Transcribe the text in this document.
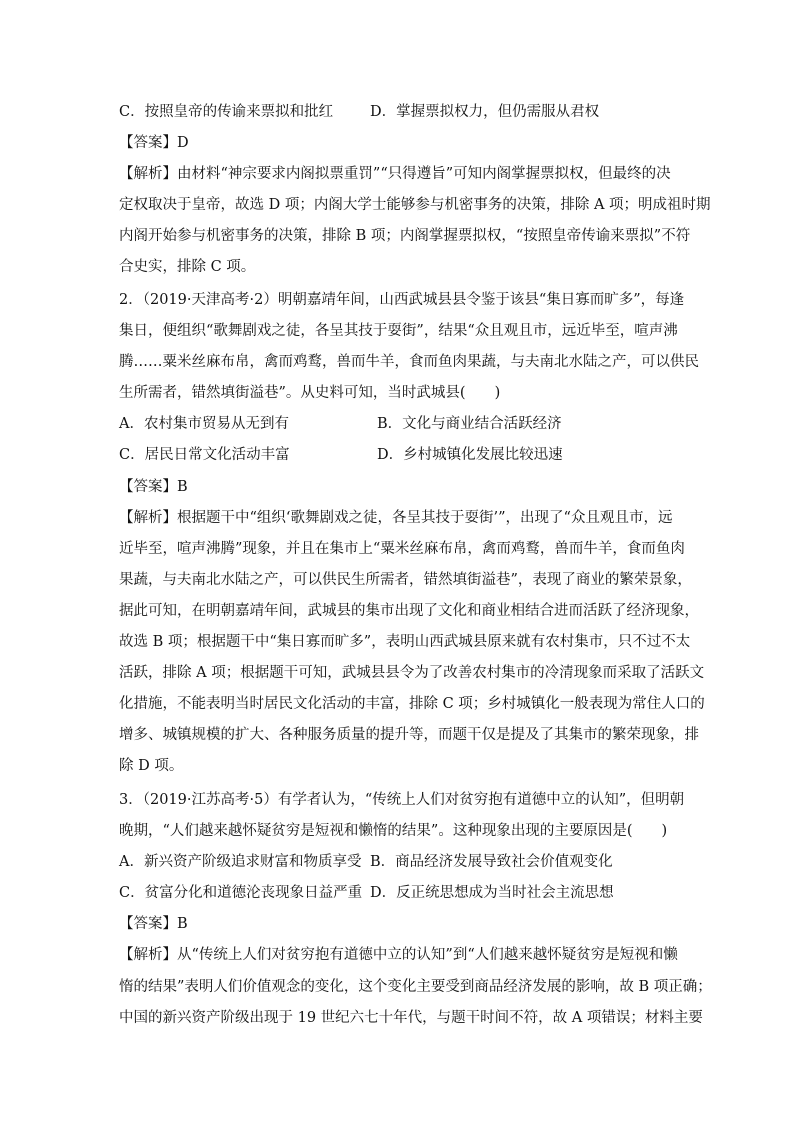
C．按照皇帝的传谕来票拟和批红	D．掌握票拟权力，但仍需服从君权
【答案】D
【解析】由材料“神宗要求内阁拟票重罚”“只得遵旨”可知内阁掌握票拟权，但最终的决
定权取决于皇帝，故选 D 项；内阁大学士能够参与机密事务的决策，排除 A 项；明成祖时期
内阁开始参与机密事务的决策，排除 B 项；内阁掌握票拟权，“按照皇帝传谕来票拟”不符
合史实，排除 C 项。
2．（2019·天津高考·2）明朝嘉靖年间，山西武城县县令鉴于该县“集日寡而旷多”，每逢
集日，便组织“歌舞剧戏之徒，各呈其技于耍街”，结果“众且观且市，远近毕至，喧声沸
腾……粟米丝麻布帛，禽而鸡鹜，兽而牛羊，食而鱼肉果蔬，与夫南北水陆之产，可以供民
生所需者，错然填街溢巷”。从史料可知，当时武城县(　　)
A．农村集市贸易从无到有	B．文化与商业结合活跃经济
C．居民日常文化活动丰富	D．乡村城镇化发展比较迅速
【答案】B
【解析】根据题干中“组织‘歌舞剧戏之徒，各呈其技于耍街’”，出现了“众且观且市，远
近毕至，喧声沸腾”现象，并且在集市上“粟米丝麻布帛，禽而鸡鹜，兽而牛羊，食而鱼肉
果蔬，与夫南北水陆之产，可以供民生所需者，错然填街溢巷”，表现了商业的繁荣景象，
据此可知，在明朝嘉靖年间，武城县的集市出现了文化和商业相结合进而活跃了经济现象，
故选 B 项；根据题干中“集日寡而旷多”，表明山西武城县原来就有农村集市，只不过不太
活跃，排除 A 项；根据题干可知，武城县县令为了改善农村集市的冷清现象而采取了活跃文
化措施，不能表明当时居民文化活动的丰富，排除 C 项；乡村城镇化一般表现为常住人口的
增多、城镇规模的扩大、各种服务质量的提升等，而题干仅是提及了其集市的繁荣现象，排
除 D 项。
3．（2019·江苏高考·5）有学者认为，“传统上人们对贫穷抱有道德中立的认知”，但明朝
晚期，“人们越来越怀疑贫穷是短视和懒惰的结果”。这种现象出现的主要原因是(　　)
A．新兴资产阶级追求财富和物质享受 B．商品经济发展导致社会价值观变化
C．贫富分化和道德沦丧现象日益严重 D．反正统思想成为当时社会主流思想
【答案】B
【解析】从“传统上人们对贫穷抱有道德中立的认知”到“人们越来越怀疑贫穷是短视和懒
惰的结果”表明人们价值观念的变化，这个变化主要受到商品经济发展的影响，故 B 项正确；
中国的新兴资产阶级出现于 19 世纪六七十年代，与题干时间不符，故 A 项错误；材料主要
